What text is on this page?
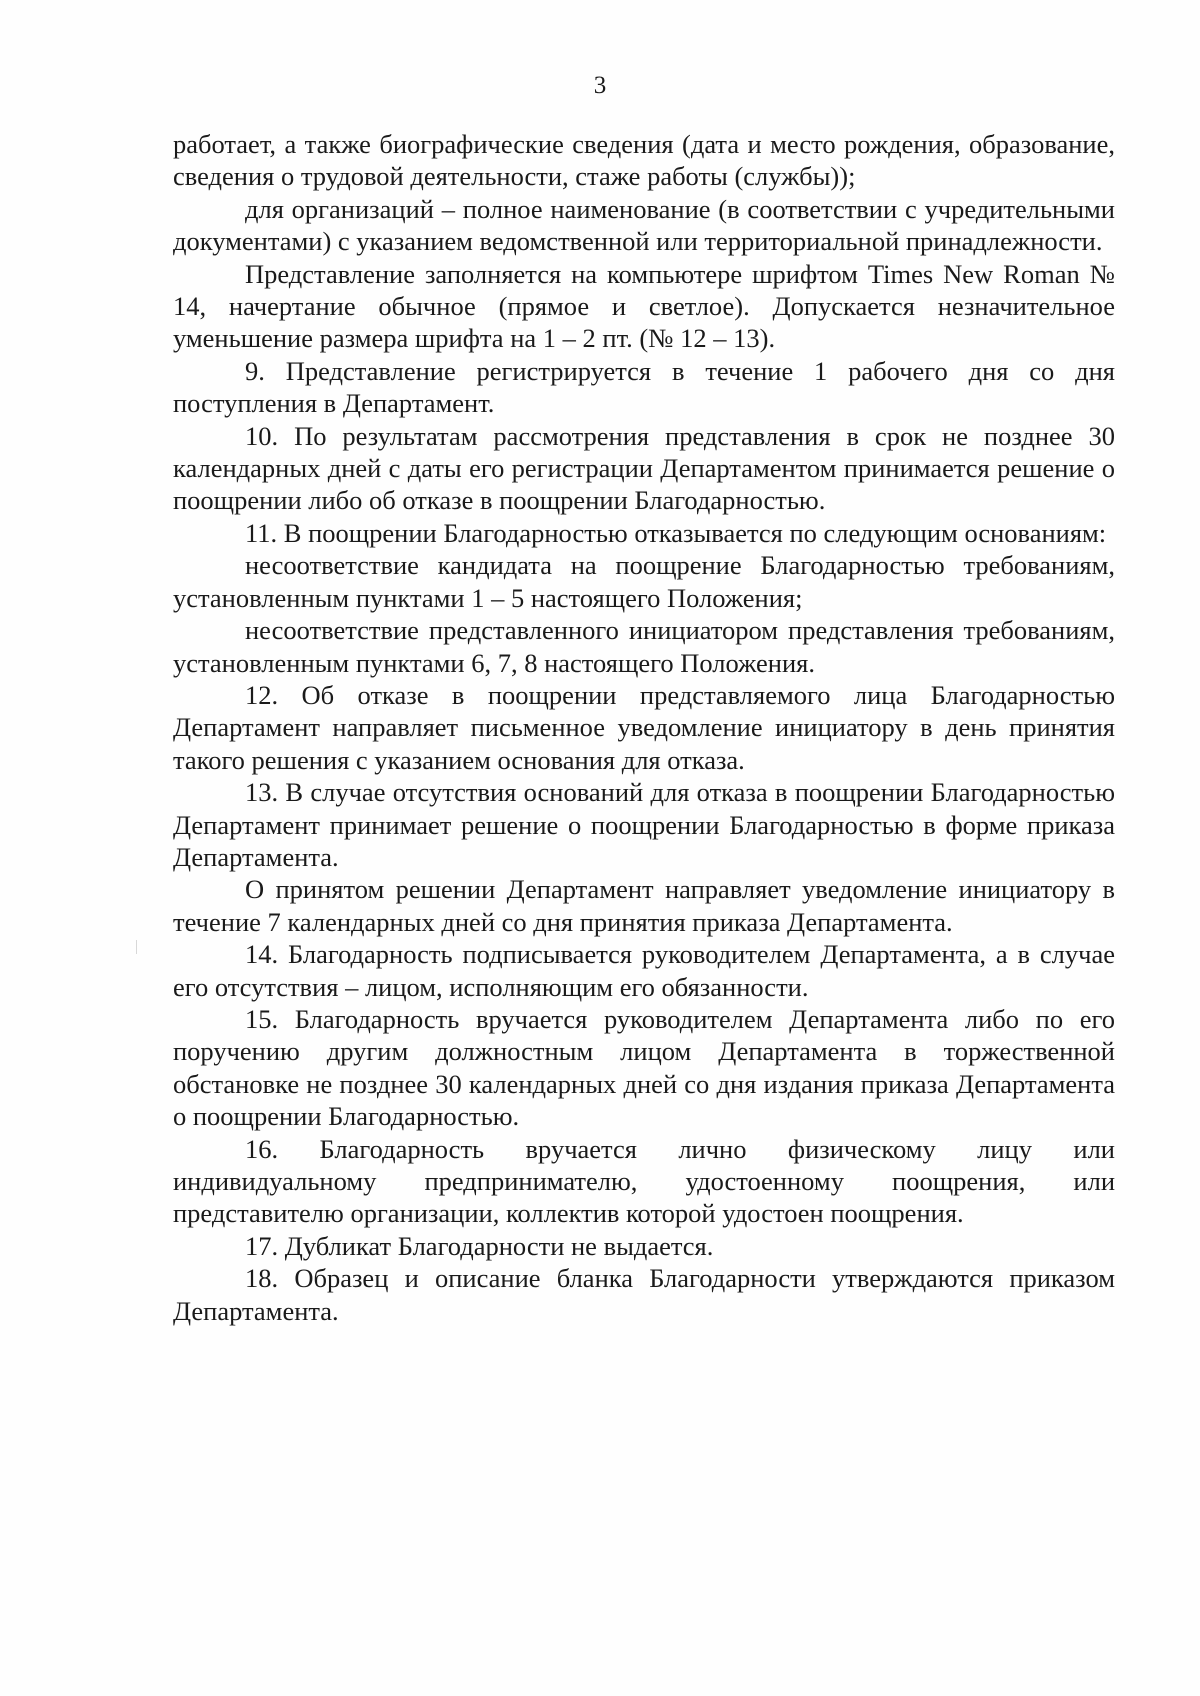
3

работает, а также биографические сведения (дата и место рождения, образование, сведения о трудовой деятельности, стаже работы (службы));

для организаций – полное наименование (в соответствии с учредительными документами) с указанием ведомственной или территориальной принадлежности.

Представление заполняется на компьютере шрифтом Times New Roman № 14, начертание обычное (прямое и светлое). Допускается незначительное уменьшение размера шрифта на 1 – 2 пт. (№ 12 – 13).

9. Представление регистрируется в течение 1 рабочего дня со дня поступления в Департамент.

10. По результатам рассмотрения представления в срок не позднее 30 календарных дней с даты его регистрации Департаментом принимается решение о поощрении либо об отказе в поощрении Благодарностью.

11. В поощрении Благодарностью отказывается по следующим основаниям:

несоответствие кандидата на поощрение Благодарностью требованиям, установленным пунктами 1 – 5 настоящего Положения;

несоответствие представленного инициатором представления требованиям, установленным пунктами 6, 7, 8 настоящего Положения.

12. Об отказе в поощрении представляемого лица Благодарностью Департамент направляет письменное уведомление инициатору в день принятия такого решения с указанием основания для отказа.

13. В случае отсутствия оснований для отказа в поощрении Благодарностью Департамент принимает решение о поощрении Благодарностью в форме приказа Департамента.

О принятом решении Департамент направляет уведомление инициатору в течение 7 календарных дней со дня принятия приказа Департамента.

14. Благодарность подписывается руководителем Департамента, а в случае его отсутствия – лицом, исполняющим его обязанности.

15. Благодарность вручается руководителем Департамента либо по его поручению другим должностным лицом Департамента в торжественной обстановке не позднее 30 календарных дней со дня издания приказа Департамента о поощрении Благодарностью.

16. Благодарность вручается лично физическому лицу или индивидуальному предпринимателю, удостоенному поощрения, или представителю организации, коллектив которой удостоен поощрения.

17. Дубликат Благодарности не выдается.

18. Образец и описание бланка Благодарности утверждаются приказом Департамента.
